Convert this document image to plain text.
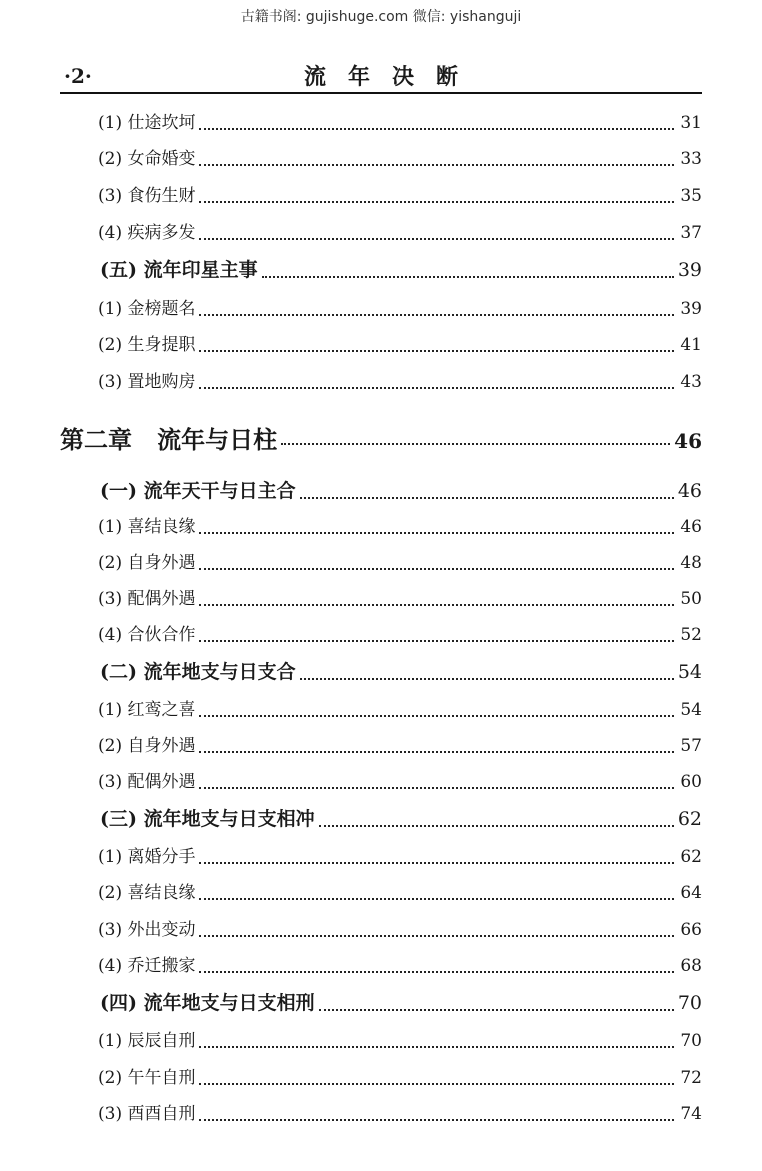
古籍书阁: gujishuge.com 微信: yishanguji
·2·	流年决断
(1) 仕途坎坷	31
(2) 女命婚变	33
(3) 食伤生财	35
(4) 疾病多发	37
(五) 流年印星主事	39
(1) 金榜题名	39
(2) 生身提职	41
(3) 置地购房	43
第二章   流年与日柱	46
(一) 流年天干与日主合	46
(1) 喜结良缘	46
(2) 自身外遇	48
(3) 配偶外遇	50
(4) 合伙合作	52
(二) 流年地支与日支合	54
(1) 红鸾之喜	54
(2) 自身外遇	57
(3) 配偶外遇	60
(三) 流年地支与日支相冲	62
(1) 离婚分手	62
(2) 喜结良缘	64
(3) 外出变动	66
(4) 乔迁搬家	68
(四) 流年地支与日支相刑	70
(1) 辰辰自刑	70
(2) 午午自刑	72
(3) 酉酉自刑	74
